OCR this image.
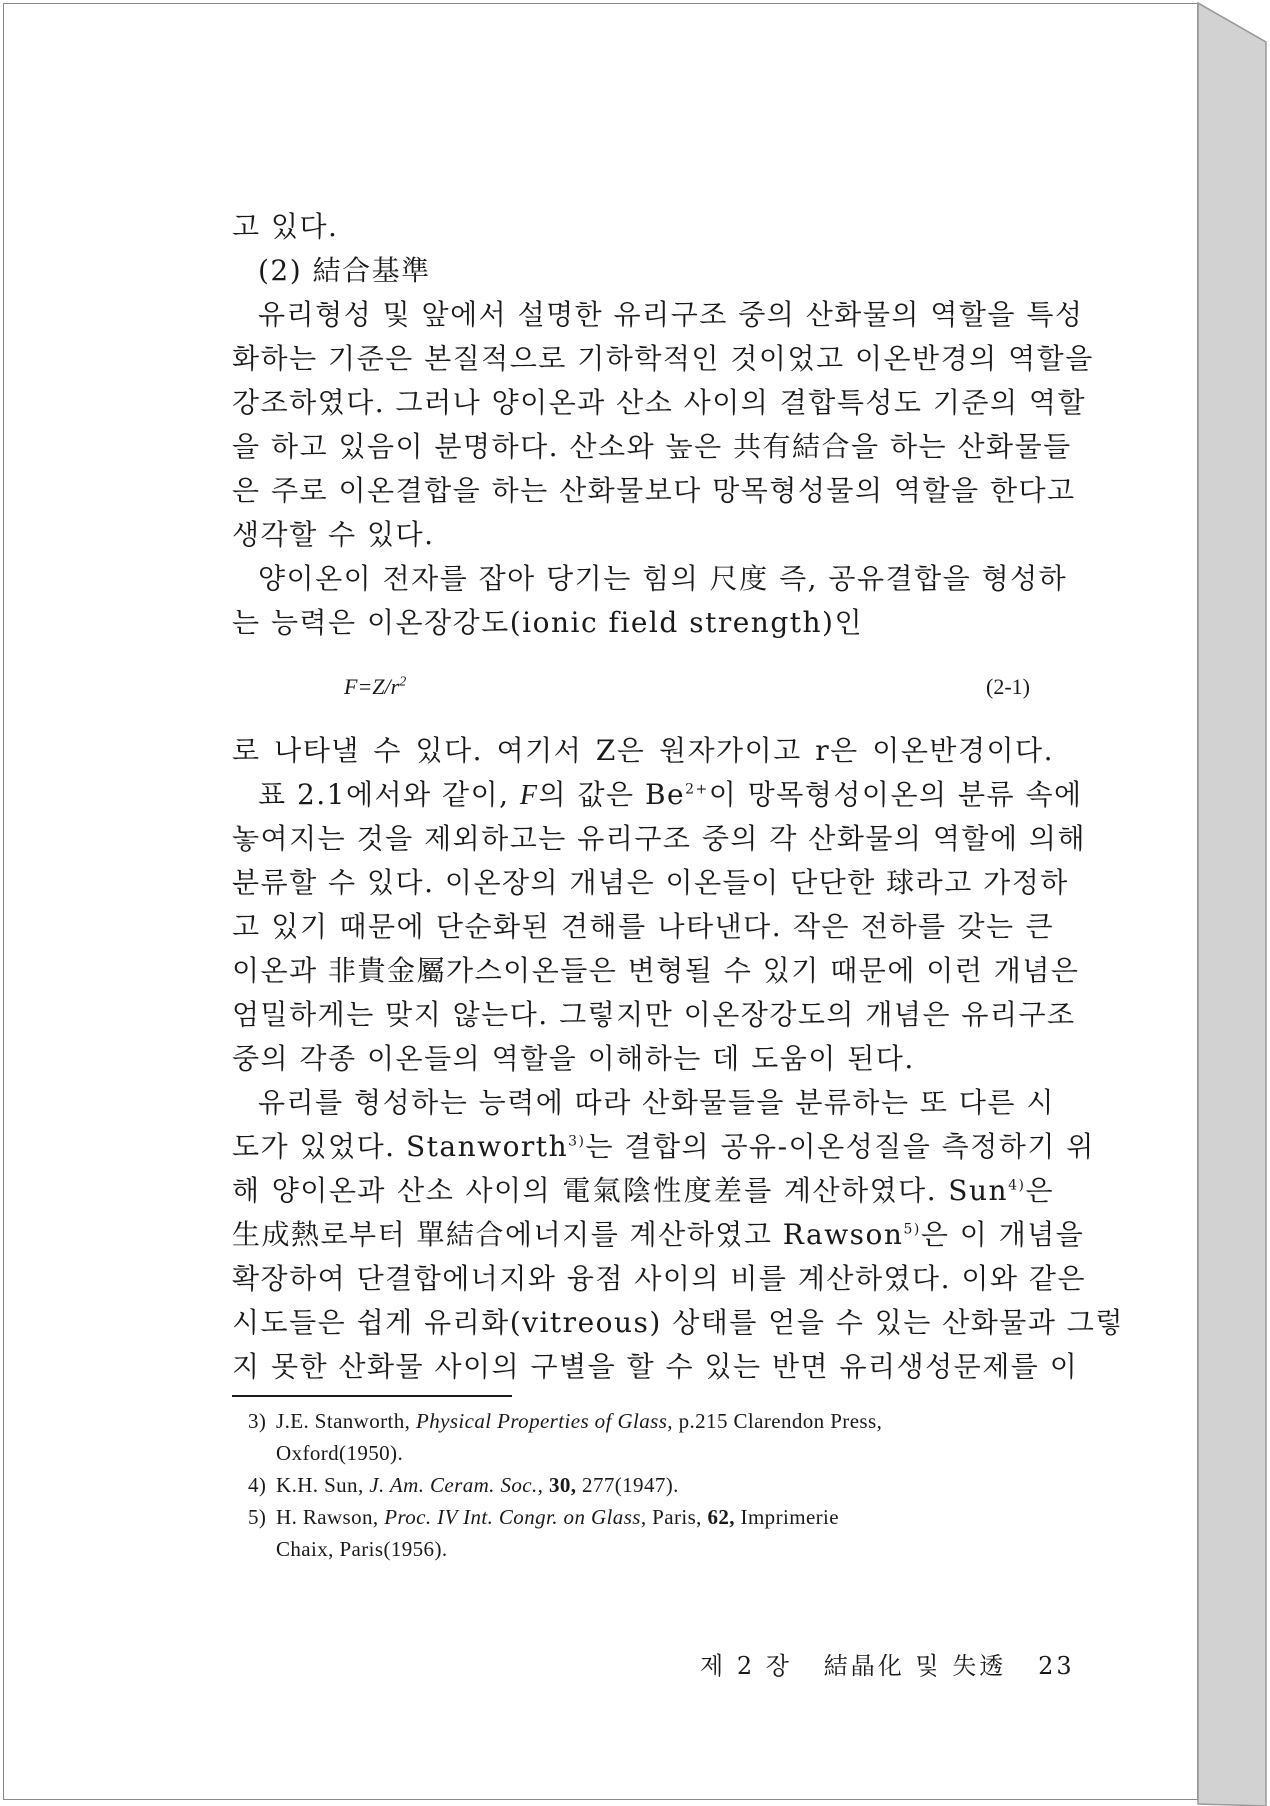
고 있다.
(2) 結合基準
유리형성 및 앞에서 설명한 유리구조 중의 산화물의 역할을 특성
화하는 기준은 본질적으로 기하학적인 것이었고 이온반경의 역할을
강조하였다. 그러나 양이온과 산소 사이의 결합특성도 기준의 역할
을 하고 있음이 분명하다. 산소와 높은 共有結合을 하는 산화물들
은 주로 이온결합을 하는 산화물보다 망목형성물의 역할을 한다고
생각할 수 있다.
양이온이 전자를 잡아 당기는 힘의 尺度 즉, 공유결합을 형성하
는 능력은 이온장강도(ionic field strength)인
$F=Z/r^2$	(2-1)
로 나타낼 수 있다. 여기서 Z은 원자가이고 r은 이온반경이다.
표 2.1에서와 같이, F의 값은 $Be^{2+}$이 망목형성이온의 분류 속에
놓여지는 것을 제외하고는 유리구조 중의 각 산화물의 역할에 의해
분류할 수 있다. 이온장의 개념은 이온들이 단단한 球라고 가정하
고 있기 때문에 단순화된 견해를 나타낸다. 작은 전하를 갖는 큰
이온과 非貴金屬가스이온들은 변형될 수 있기 때문에 이런 개념은
엄밀하게는 맞지 않는다. 그렇지만 이온장강도의 개념은 유리구조
중의 각종 이온들의 역할을 이해하는 데 도움이 된다.
유리를 형성하는 능력에 따라 산화물들을 분류하는 또 다른 시
도가 있었다. Stanworth$^{3)}$는 결합의 공유-이온성질을 측정하기 위
해 양이온과 산소 사이의 電氣陰性度差를 계산하였다. Sun$^{4)}$은
生成熱로부터 單結合에너지를 계산하였고 Rawson$^{5)}$은 이 개념을
확장하여 단결합에너지와 융점 사이의 비를 계산하였다. 이와 같은
시도들은 쉽게 유리화(vitreous) 상태를 얻을 수 있는 산화물과 그렇
지 못한 산화물 사이의 구별을 할 수 있는 반면 유리생성문제를 이
3) J.E. Stanworth, Physical Properties of Glass, p.215 Clarendon Press,
Oxford(1950).
4) K.H. Sun, J. Am. Ceram. Soc., 30, 277(1947).
5) H. Rawson, Proc. IV Int. Congr. on Glass, Paris, 62, Imprimerie
Chaix, Paris(1956).
제 2 장 結晶化 및 失透 23
